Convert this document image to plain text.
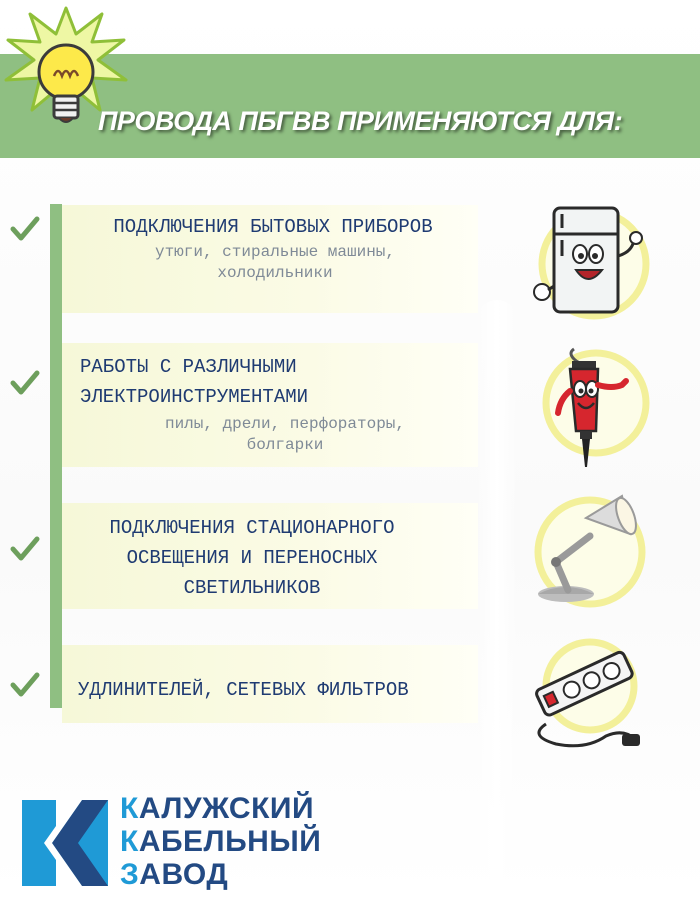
ПРОВОДА ПБГВВ ПРИМЕНЯЮТСЯ ДЛЯ:
ПОДКЛЮЧЕНИЯ БЫТОВЫХ ПРИБОРОВ
утюги, стиральные машины,
холодильники
РАБОТЫ С РАЗЛИЧНЫМИ
ЭЛЕКТРОИНСТРУМЕНТАМИ
пилы, дрели, перфораторы,
болгарки
ПОДКЛЮЧЕНИЯ СТАЦИОНАРНОГО
ОСВЕЩЕНИЯ И ПЕРЕНОСНЫХ
СВЕТИЛЬНИКОВ
УДЛИНИТЕЛЕЙ, СЕТЕВЫХ ФИЛЬТРОВ
КАЛУЖСКИЙ
КАБЕЛЬНЫЙ
ЗАВОД
